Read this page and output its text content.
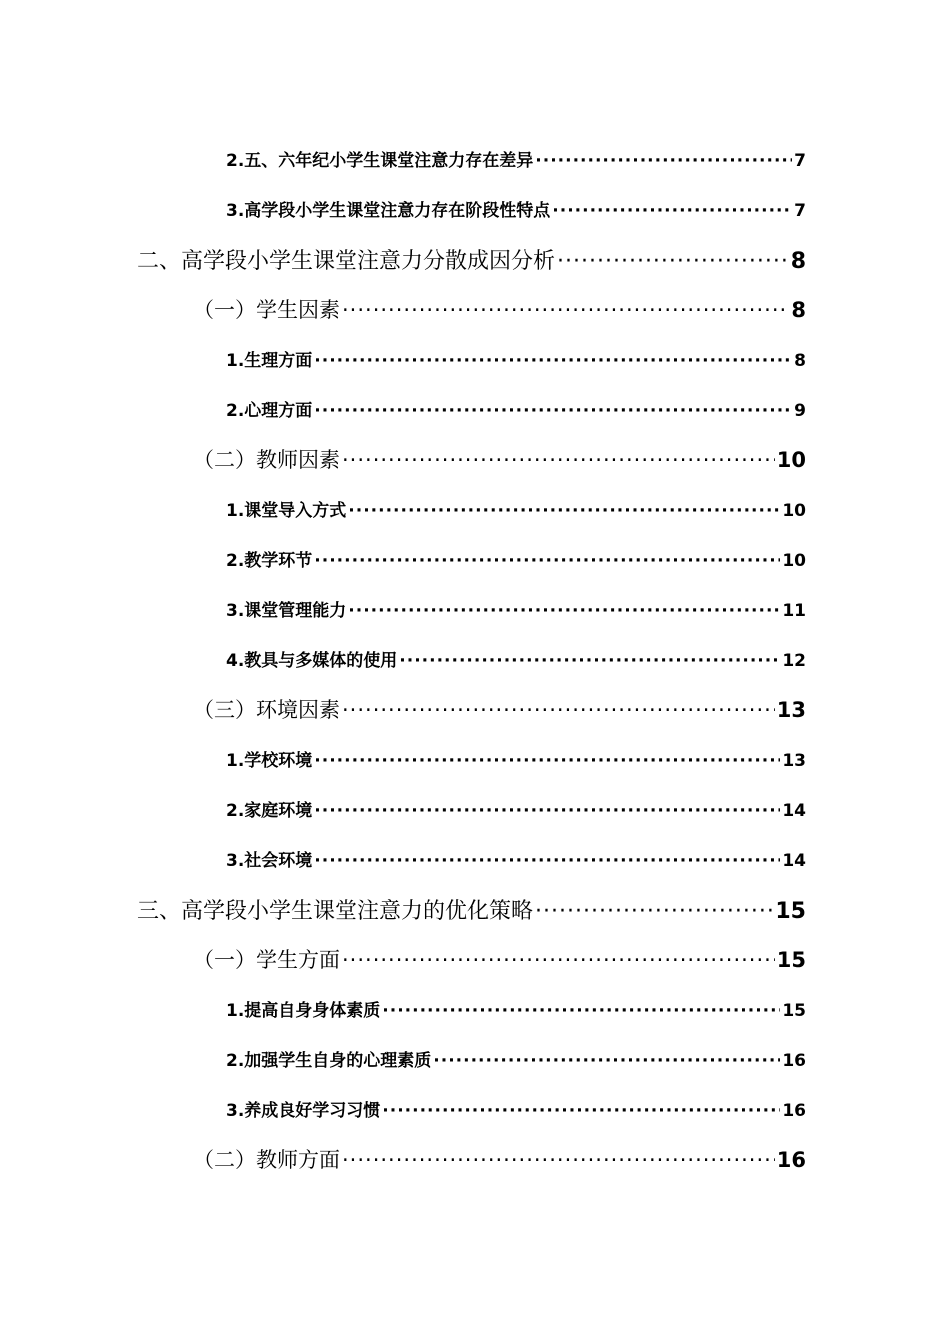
2.五、六年纪小学生课堂注意力存在差异 ·····	7
3.高学段小学生课堂注意力存在阶段性特点 ·····	7
二、高学段小学生课堂注意力分散成因分析 ·····	8
（一）学生因素 ·····	8
1.生理方面 ·····	8
2.心理方面 ·····	9
（二）教师因素 ·····	10
1.课堂导入方式 ·····	10
2.教学环节 ·····	10
3.课堂管理能力 ·····	11
4.教具与多媒体的使用 ·····	12
（三）环境因素 ·····	13
1.学校环境 ·····	13
2.家庭环境 ·····	14
3.社会环境 ·····	14
三、高学段小学生课堂注意力的优化策略 ·····	15
（一）学生方面 ·····	15
1.提高自身身体素质 ·····	15
2.加强学生自身的心理素质 ·····	16
3.养成良好学习习惯 ·····	16
（二）教师方面 ·····	16
